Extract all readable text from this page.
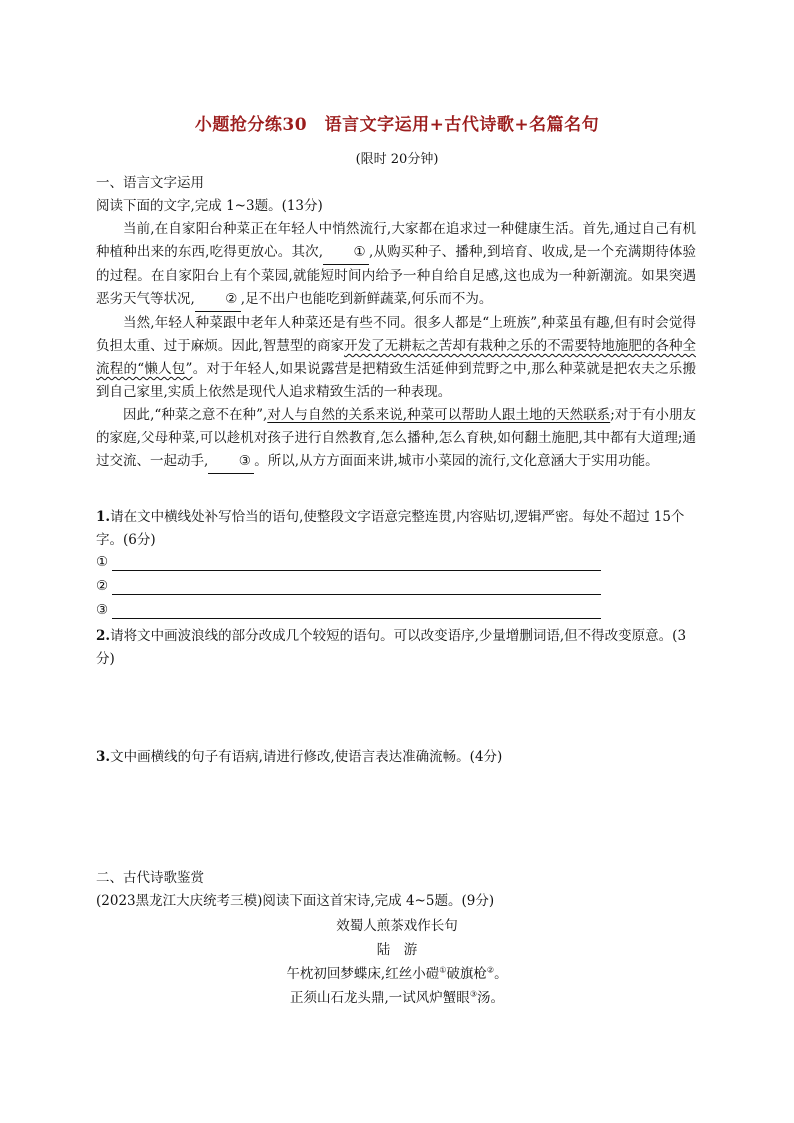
小题抢分练30　语言文字运用+古代诗歌+名篇名句
(限时 20分钟)
一、语言文字运用
阅读下面的文字,完成 1~3题。(13分)

当前,在自家阳台种菜正在年轻人中悄然流行,大家都在追求过一种健康生活。首先,通过自己有机种植种出来的东西,吃得更放心。其次, ① ,从购买种子、播种,到培育、收成,是一个充满期待体验的过程。在自家阳台上有个菜园,就能短时间内给予一种自给自足感,这也成为一种新潮流。如果突遇恶劣天气等状况, ② ,足不出户也能吃到新鲜蔬菜,何乐而不为。

当然,年轻人种菜跟中老年人种菜还是有些不同。很多人都是“上班族”,种菜虽有趣,但有时会觉得负担太重、过于麻烦。因此,智慧型的商家开发了无耕耘之苦却有栽种之乐的不需要特地施肥的各种全流程的“懒人包”。对于年轻人,如果说露营是把精致生活延伸到荒野之中,那么种菜就是把农夫之乐搬到自己家里,实质上依然是现代人追求精致生活的一种表现。

因此,“种菜之意不在种”,对人与自然的关系来说,种菜可以帮助人跟土地的天然联系;对于有小朋友的家庭,父母种菜,可以趁机对孩子进行自然教育,怎么播种,怎么育秧,如何翻土施肥,其中都有大道理;通过交流、一起动手, ③ 。所以,从方方面面来讲,城市小菜园的流行,文化意涵大于实用功能。

1.请在文中横线处补写恰当的语句,使整段文字语意完整连贯,内容贴切,逻辑严密。每处不超过 15个字。(6分)

①
②
③

2.请将文中画波浪线的部分改成几个较短的语句。可以改变语序,少量增删词语,但不得改变原意。(3分)

3.文中画横线的句子有语病,请进行修改,使语言表达准确流畅。(4分)

二、古代诗歌鉴赏
(2023黑龙江大庆统考三模)阅读下面这首宋诗,完成 4~5题。(9分)
效蜀人煎茶戏作长句
陆　游
午枕初回梦蝶床,红丝小磑①破旗枪②。
正须山石龙头鼎,一试风炉蟹眼③汤。
